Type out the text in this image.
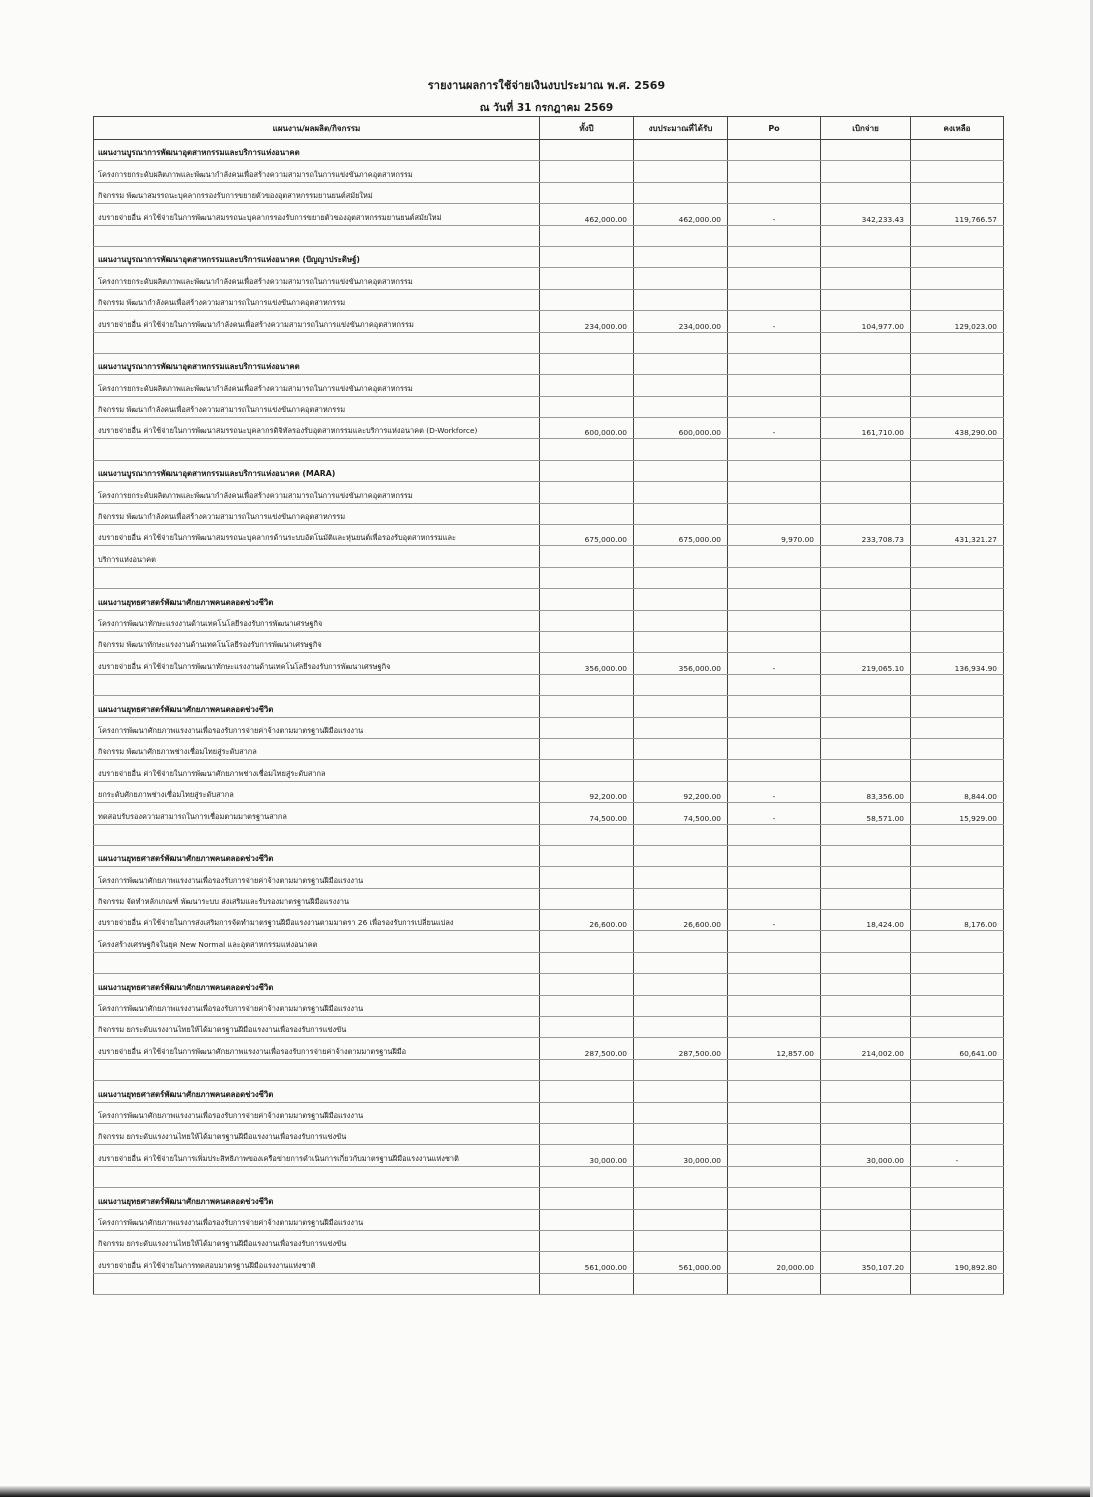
รายงานผลการใช้จ่ายเงินงบประมาณ พ.ศ. 2569
ณ วันที่ 31 กรกฎาคม 2569
แผนงาน/ผลผลิต/กิจกรรม	ทั้งปี	งบประมาณที่ได้รับ	Po	เบิกจ่าย	คงเหลือ
แผนงานบูรณาการพัฒนาอุตสาหกรรมและบริการแห่งอนาคต					
โครงการยกระดับผลิตภาพและพัฒนากำลังคนเพื่อสร้างความสามารถในการแข่งขันภาคอุตสาหกรรม					
กิจกรรม พัฒนาสมรรถนะบุคลากรรองรับการขยายตัวของอุตสาหกรรมยานยนต์สมัยใหม่					
งบรายจ่ายอื่น ค่าใช้จ่ายในการพัฒนาสมรรถนะบุคลากรรองรับการขยายตัวของอุตสาหกรรมยานยนต์สมัยใหม่	462,000.00	462,000.00	-	342,233.43	119,766.57

แผนงานบูรณาการพัฒนาอุตสาหกรรมและบริการแห่งอนาคต (ปัญญาประดิษฐ์)					
โครงการยกระดับผลิตภาพและพัฒนากำลังคนเพื่อสร้างความสามารถในการแข่งขันภาคอุตสาหกรรม					
กิจกรรม พัฒนากำลังคนเพื่อสร้างความสามารถในการแข่งขันภาคอุตสาหกรรม					
งบรายจ่ายอื่น ค่าใช้จ่ายในการพัฒนากำลังคนเพื่อสร้างความสามารถในการแข่งขันภาคอุตสาหกรรม	234,000.00	234,000.00	-	104,977.00	129,023.00

แผนงานบูรณาการพัฒนาอุตสาหกรรมและบริการแห่งอนาคต					
โครงการยกระดับผลิตภาพและพัฒนากำลังคนเพื่อสร้างความสามารถในการแข่งขันภาคอุตสาหกรรม					
กิจกรรม พัฒนากำลังคนเพื่อสร้างความสามารถในการแข่งขันภาคอุตสาหกรรม					
งบรายจ่ายอื่น ค่าใช้จ่ายในการพัฒนาสมรรถนะบุคลากรดิจิทัลรองรับอุตสาหกรรมและบริการแห่งอนาคต (D-Workforce)	600,000.00	600,000.00	-	161,710.00	438,290.00

แผนงานบูรณาการพัฒนาอุตสาหกรรมและบริการแห่งอนาคต (MARA)					
โครงการยกระดับผลิตภาพและพัฒนากำลังคนเพื่อสร้างความสามารถในการแข่งขันภาคอุตสาหกรรม					
กิจกรรม พัฒนากำลังคนเพื่อสร้างความสามารถในการแข่งขันภาคอุตสาหกรรม					
งบรายจ่ายอื่น ค่าใช้จ่ายในการพัฒนาสมรรถนะบุคลากรด้านระบบอัตโนมัติและหุ่นยนต์เพื่อรองรับอุตสาหกรรมและ	675,000.00	675,000.00	9,970.00	233,708.73	431,321.27
บริการแห่งอนาคต					

แผนงานยุทธศาสตร์พัฒนาศักยภาพคนตลอดช่วงชีวิต					
โครงการพัฒนาทักษะแรงงานด้านเทคโนโลยีรองรับการพัฒนาเศรษฐกิจ					
กิจกรรม พัฒนาทักษะแรงงานด้านเทคโนโลยีรองรับการพัฒนาเศรษฐกิจ					
งบรายจ่ายอื่น ค่าใช้จ่ายในการพัฒนาทักษะแรงงานด้านเทคโนโลยีรองรับการพัฒนาเศรษฐกิจ	356,000.00	356,000.00	-	219,065.10	136,934.90

แผนงานยุทธศาสตร์พัฒนาศักยภาพคนตลอดช่วงชีวิต					
โครงการพัฒนาศักยภาพแรงงานเพื่อรองรับการจ่ายค่าจ้างตามมาตรฐานฝีมือแรงงาน					
กิจกรรม พัฒนาศักยภาพช่างเชื่อมไทยสู่ระดับสากล					
งบรายจ่ายอื่น ค่าใช้จ่ายในการพัฒนาศักยภาพช่างเชื่อมไทยสู่ระดับสากล					
ยกระดับศักยภาพช่างเชื่อมไทยสู่ระดับสากล	92,200.00	92,200.00	-	83,356.00	8,844.00
ทดสอบรับรองความสามารถในการเชื่อมตามมาตรฐานสากล	74,500.00	74,500.00	-	58,571.00	15,929.00

แผนงานยุทธศาสตร์พัฒนาศักยภาพคนตลอดช่วงชีวิต					
โครงการพัฒนาศักยภาพแรงงานเพื่อรองรับการจ่ายค่าจ้างตามมาตรฐานฝีมือแรงงาน					
กิจกรรม จัดทำหลักเกณฑ์ พัฒนาระบบ ส่งเสริมและรับรองมาตรฐานฝีมือแรงงาน					
งบรายจ่ายอื่น ค่าใช้จ่ายในการส่งเสริมการจัดทำมาตรฐานฝีมือแรงงานตามมาตรา 26 เพื่อรองรับการเปลี่ยนแปลง	26,600.00	26,600.00	-	18,424.00	8,176.00
โครงสร้างเศรษฐกิจในยุค New Normal และอุตสาหกรรมแห่งอนาคต					

แผนงานยุทธศาสตร์พัฒนาศักยภาพคนตลอดช่วงชีวิต					
โครงการพัฒนาศักยภาพแรงงานเพื่อรองรับการจ่ายค่าจ้างตามมาตรฐานฝีมือแรงงาน					
กิจกรรม ยกระดับแรงงานไทยให้ได้มาตรฐานฝีมือแรงงานเพื่อรองรับการแข่งขัน					
งบรายจ่ายอื่น ค่าใช้จ่ายในการพัฒนาศักยภาพแรงงานเพื่อรองรับการจ่ายค่าจ้างตามมาตรฐานฝีมือ	287,500.00	287,500.00	12,857.00	214,002.00	60,641.00

แผนงานยุทธศาสตร์พัฒนาศักยภาพคนตลอดช่วงชีวิต					
โครงการพัฒนาศักยภาพแรงงานเพื่อรองรับการจ่ายค่าจ้างตามมาตรฐานฝีมือแรงงาน					
กิจกรรม ยกระดับแรงงานไทยให้ได้มาตรฐานฝีมือแรงงานเพื่อรองรับการแข่งขัน					
งบรายจ่ายอื่น ค่าใช้จ่ายในการเพิ่มประสิทธิภาพของเครือข่ายการดำเนินการเกี่ยวกับมาตรฐานฝีมือแรงงานแห่งชาติ	30,000.00	30,000.00		30,000.00	-

แผนงานยุทธศาสตร์พัฒนาศักยภาพคนตลอดช่วงชีวิต					
โครงการพัฒนาศักยภาพแรงงานเพื่อรองรับการจ่ายค่าจ้างตามมาตรฐานฝีมือแรงงาน					
กิจกรรม ยกระดับแรงงานไทยให้ได้มาตรฐานฝีมือแรงงานเพื่อรองรับการแข่งขัน					
งบรายจ่ายอื่น ค่าใช้จ่ายในการทดสอบมาตรฐานฝีมือแรงงานแห่งชาติ	561,000.00	561,000.00	20,000.00	350,107.20	190,892.80
